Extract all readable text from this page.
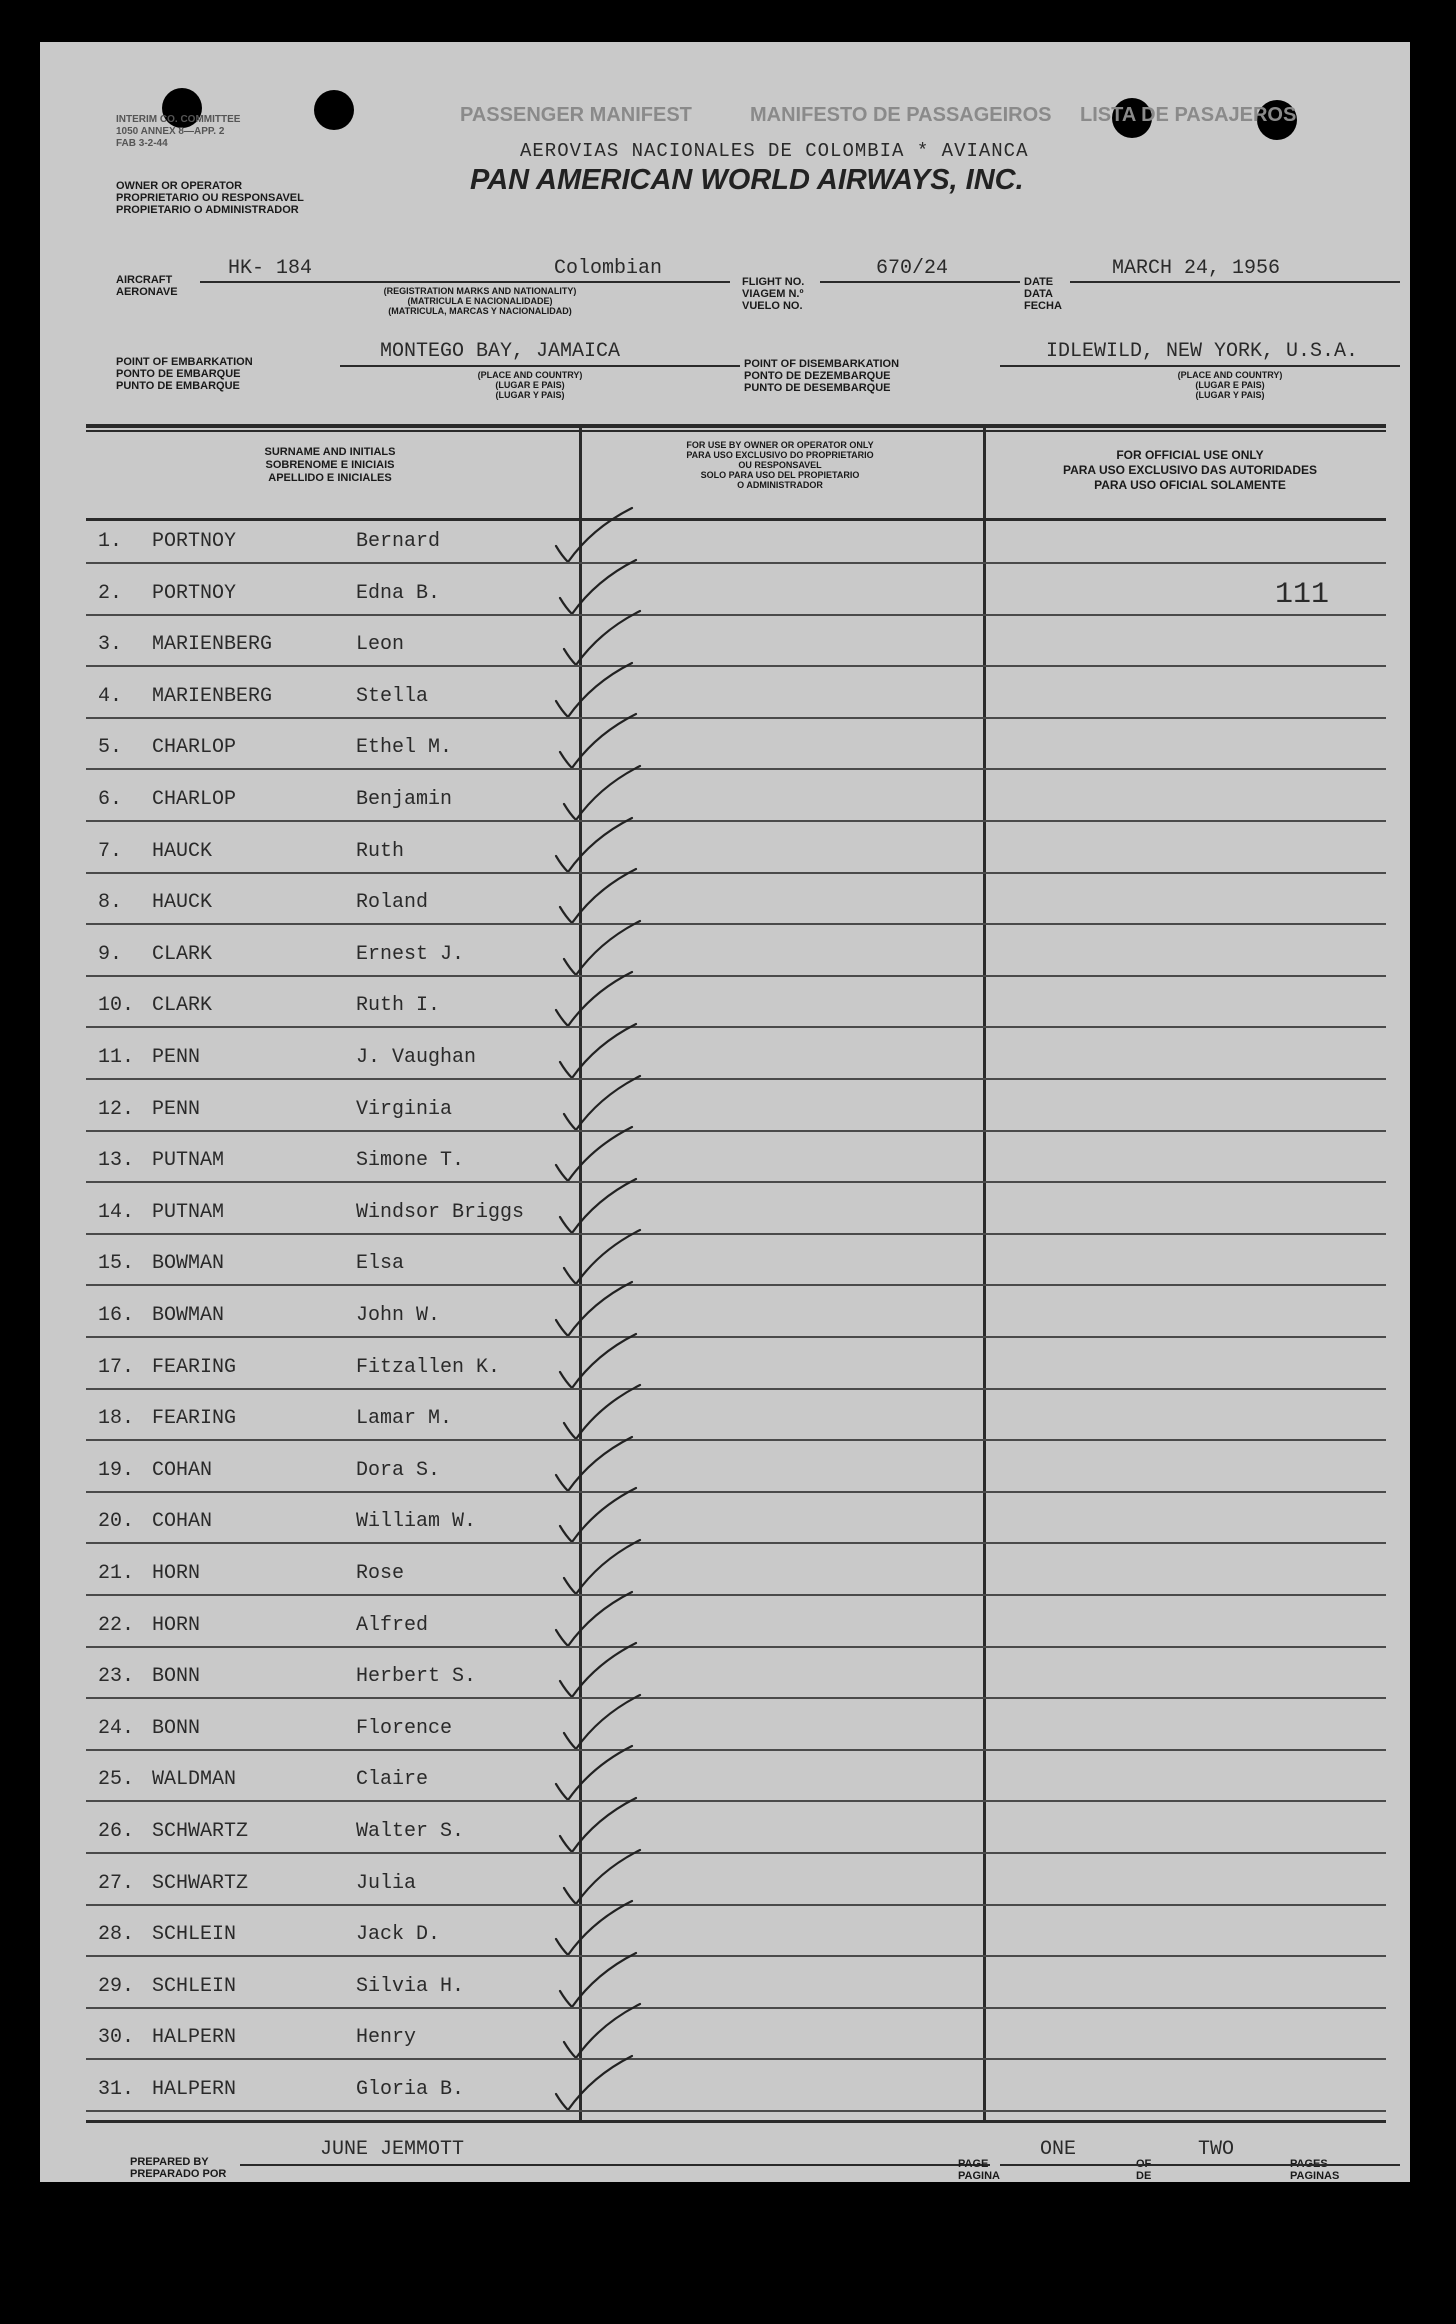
INTERIM CO. COMMITTEE
1050 ANNEX 8—APP. 2
FAB 3-2-44
PASSENGER MANIFEST	MANIFESTO DE PASSAGEIROS LISTA DE PASAJEROS
AEROVIAS NACIONALES DE COLOMBIA * AVIANCA
PAN AMERICAN WORLD AIRWAYS, INC.
OWNER OR OPERATOR
PROPRIETARIO OU RESPONSAVEL
PROPIETARIO O ADMINISTRADOR
AIRCRAFT
AERONAVE
HK- 184	Colombian
(REGISTRATION MARKS AND NATIONALITY)
(MATRICULA E NACIONALIDADE)
(MATRICULA, MARCAS Y NACIONALIDAD)
FLIGHT NO.
VIAGEM N.º
VUELO NO.
670/24
DATE
DATA
FECHA
MARCH 24, 1956
POINT OF EMBARKATION
PONTO DE EMBARQUE
PUNTO DE EMBARQUE
MONTEGO BAY, JAMAICA
(PLACE AND COUNTRY)
(LUGAR E PAIS)
(LUGAR Y PAIS)
POINT OF DISEMBARKATION
PONTO DE DEZEMBARQUE
PUNTO DE DESEMBARQUE
IDLEWILD, NEW YORK, U.S.A.
(PLACE AND COUNTRY)
(LUGAR E PAIS)
(LUGAR Y PAIS)
SURNAME AND INITIALS
SOBRENOME E INICIAIS
APELLIDO E INICIALES
FOR USE BY OWNER OR OPERATOR ONLY
PARA USO EXCLUSIVO DO PROPRIETARIO
OU RESPONSAVEL
SOLO PARA USO DEL PROPIETARIO
O ADMINISTRADOR
FOR OFFICIAL USE ONLY
PARA USO EXCLUSIVO DAS AUTORIDADES
PARA USO OFICIAL SOLAMENTE
111
1.	PORTNOY	Bernard
2.	PORTNOY	Edna B.
3.	MARIENBERG	Leon
4.	MARIENBERG	Stella
5.	CHARLOP	Ethel M.
6.	CHARLOP	Benjamin
7.	HAUCK	Ruth
8.	HAUCK	Roland
9.	CLARK	Ernest J.
10. CLARK	Ruth I.
11. PENN	J. Vaughan
12. PENN	Virginia
13. PUTNAM	Simone T.
14. PUTNAM	Windsor Briggs
15. BOWMAN	Elsa
16. BOWMAN	John W.
17. FEARING	Fitzallen K.
18. FEARING	Lamar M.
19. COHAN	Dora S.
20. COHAN	William W.
21. HORN	Rose
22. HORN	Alfred
23. BONN	Herbert S.
24. BONN	Florence
25. WALDMAN	Claire
26. SCHWARTZ	Walter S.
27. SCHWARTZ	Julia
28. SCHLEIN	Jack D.
29. SCHLEIN	Silvia H.
30. HALPERN	Henry
31. HALPERN	Gloria B.
PREPARED BY
PREPARADO POR
JUNE JEMMOTT
PAGE
PAGINA
ONE
DE
TWO
PAGINAS
